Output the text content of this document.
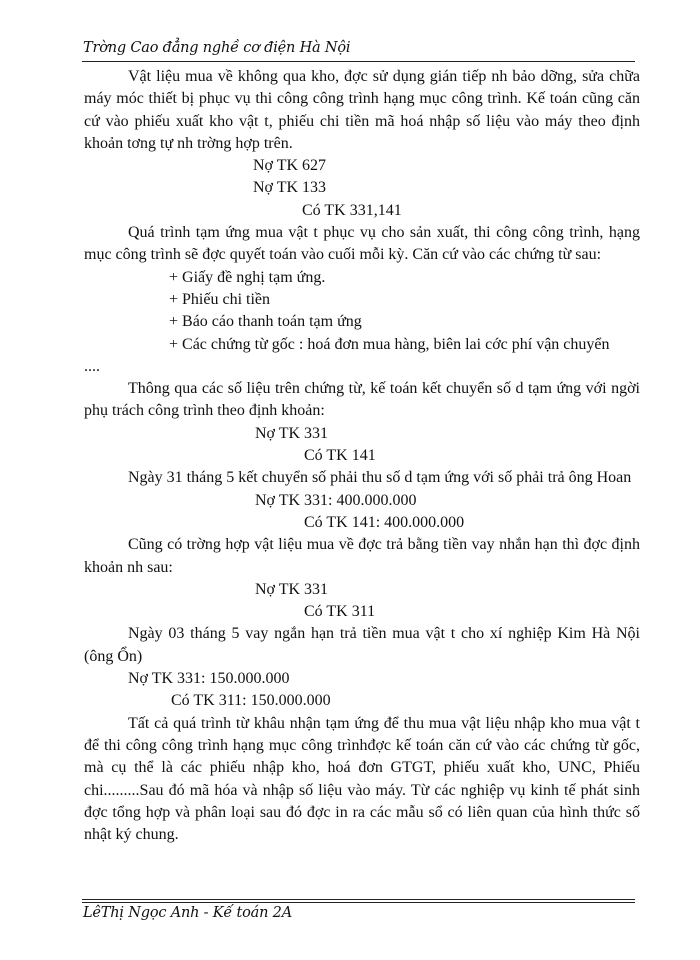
Trờng Cao đẳng nghề cơ điện Hà Nội

Vật liệu mua về không qua kho, đợc sử dụng gián tiếp nh bảo dỡng, sửa chữa máy móc thiết bị phục vụ thi công công trình hạng mục công trình. Kế toán cũng căn cứ vào phiếu xuất kho vật t, phiếu chi tiền mã hoá nhập số liệu vào máy theo định khoản tơng tự nh trờng hợp trên.

Nợ TK 627

Nợ TK 133

Có TK 331,141

Quá trình tạm ứng mua vật t phục vụ cho sản xuất, thi công công trình, hạng mục công trình sẽ đợc quyết toán vào cuối mỗi kỳ. Căn cứ vào các chứng từ sau:

+ Giấy đề nghị tạm ứng.

+ Phiếu chi tiền

+ Báo cáo thanh toán tạm ứng

+ Các chứng từ gốc : hoá đơn mua hàng, biên lai cớc phí vận chuyển

....

Thông qua các số liệu trên chứng từ, kế toán kết chuyển số d tạm ứng với ngời phụ trách công trình theo định khoản:

Nợ TK 331

Có TK 141

Ngày 31 tháng 5 kết chuyển số phải thu số d tạm ứng với số phải trả ông Hoan

Nợ TK 331: 400.000.000

Có TK 141: 400.000.000

Cũng có trờng hợp vật liệu mua về đợc trả bằng tiền vay nhắn hạn thì đợc định khoản nh sau:

Nợ TK 331

Có TK 311

Ngày 03 tháng 5 vay ngắn hạn trả tiền mua vật t cho xí nghiệp Kim Hà Nội (ông Ổn)

Nợ TK 331: 150.000.000

Có TK 311: 150.000.000

Tất cả quá trình từ khâu nhận tạm ứng để thu mua vật liệu nhập kho mua vật t để thi công công trình hạng mục công trìnhđợc kế toán căn cứ vào các chứng từ gốc, mà cụ thể là các phiếu nhập kho, hoá đơn GTGT, phiếu xuất kho, UNC, Phiếu chi.........Sau đó mã hóa và nhập số liệu vào máy. Từ các nghiệp vụ kinh tế phát sinh đợc tổng hợp và phân loại sau đó đợc in ra các mẫu sổ có liên quan của hình thức số nhật ký chung.

LêThị Ngọc Anh - Kế toán 2A
